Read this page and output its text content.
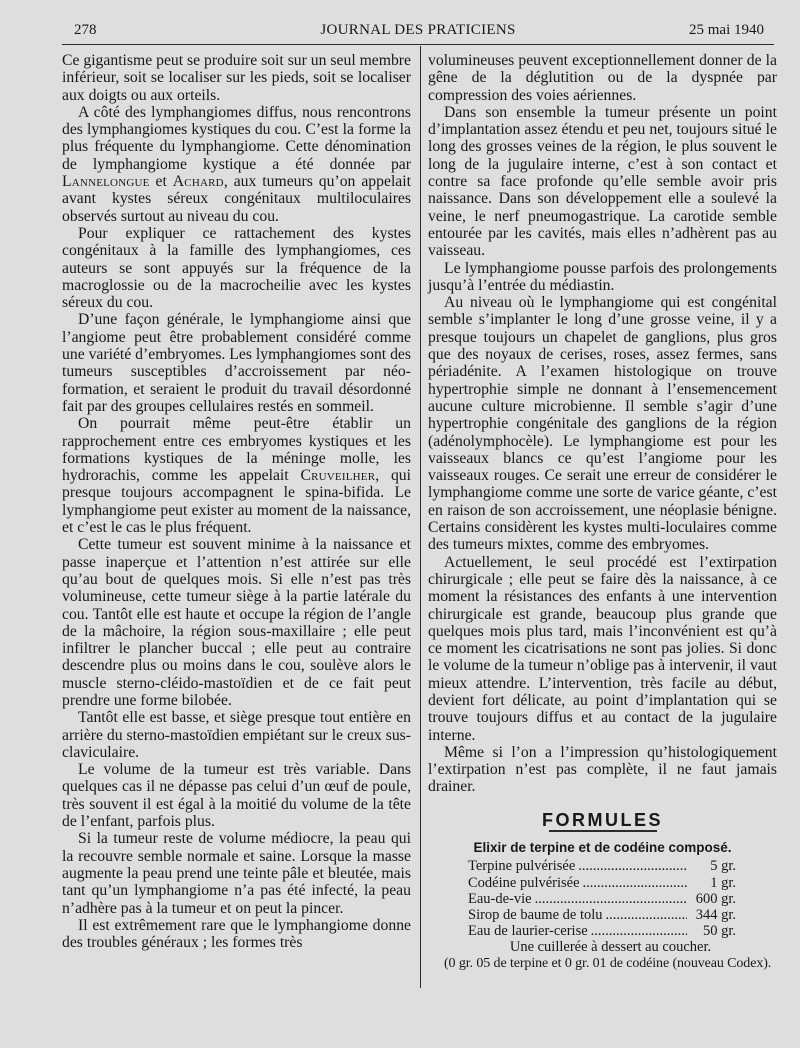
278	JOURNAL DES PRATICIENS	25 mai 1940

Ce gigantisme peut se produire soit sur un seul membre inférieur, soit se localiser sur les pieds, soit se localiser aux doigts ou aux orteils.

A côté des lymphangiomes diffus, nous rencontrons des lymphangiomes kystiques du cou. C’est la forme la plus fréquente du lymphangiome. Cette dénomination de lymphangiome kystique a été donnée par Lannelongue et Achard, aux tumeurs qu’on appelait avant kystes séreux congénitaux multiloculaires observés surtout au niveau du cou.

Pour expliquer ce rattachement des kystes congénitaux à la famille des lymphangiomes, ces auteurs se sont appuyés sur la fréquence de la macroglossie ou de la macrocheilie avec les kystes séreux du cou.

D’une façon générale, le lymphangiome ainsi que l’angiome peut être probablement considéré comme une variété d’embryomes. Les lymphangiomes sont des tumeurs susceptibles d’accroissement par néo-formation, et seraient le produit du travail désordonné fait par des groupes cellulaires restés en sommeil.

On pourrait même peut-être établir un rapprochement entre ces embryomes kystiques et les formations kystiques de la méninge molle, les hydrorachis, comme les appelait Cruveilher, qui presque toujours accompagnent le spina-bifida. Le lymphangiome peut exister au moment de la naissance, et c’est le cas le plus fréquent.

Cette tumeur est souvent minime à la naissance et passe inaperçue et l’attention n’est attirée sur elle qu’au bout de quelques mois. Si elle n’est pas très volumineuse, cette tumeur siège à la partie latérale du cou. Tantôt elle est haute et occupe la région de l’angle de la mâchoire, la région sous-maxillaire ; elle peut infiltrer le plancher buccal ; elle peut au contraire descendre plus ou moins dans le cou, soulève alors le muscle sterno-cléido-mastoïdien et de ce fait peut prendre une forme bilobée.

Tantôt elle est basse, et siège presque tout entière en arrière du sterno-mastoïdien empiétant sur le creux sus-claviculaire.

Le volume de la tumeur est très variable. Dans quelques cas il ne dépasse pas celui d’un œuf de poule, très souvent il est égal à la moitié du volume de la tête de l’enfant, parfois plus.

Si la tumeur reste de volume médiocre, la peau qui la recouvre semble normale et saine. Lorsque la masse augmente la peau prend une teinte pâle et bleutée, mais tant qu’un lymphangiome n’a pas été infecté, la peau n’adhère pas à la tumeur et on peut la pincer.

Il est extrêmement rare que le lymphangiome donne des troubles généraux ; les formes très

volumineuses peuvent exceptionnellement donner de la gêne de la déglutition ou de la dyspnée par compression des voies aériennes.

Dans son ensemble la tumeur présente un point d’implantation assez étendu et peu net, toujours situé le long des grosses veines de la région, le plus souvent le long de la jugulaire interne, c’est à son contact et contre sa face profonde qu’elle semble avoir pris naissance. Dans son développement elle a soulevé la veine, le nerf pneumogastrique. La carotide semble entourée par les cavités, mais elles n’adhèrent pas au vaisseau.

Le lymphangiome pousse parfois des prolongements jusqu’à l’entrée du médiastin.

Au niveau où le lymphangiome qui est congénital semble s’implanter le long d’une grosse veine, il y a presque toujours un chapelet de ganglions, plus gros que des noyaux de cerises, roses, assez fermes, sans périadénite. A l’examen histologique on trouve hypertrophie simple ne donnant à l’ensemencement aucune culture microbienne. Il semble s’agir d’une hypertrophie congénitale des ganglions de la région (adénolymphocèle). Le lymphangiome est pour les vaisseaux blancs ce qu’est l’angiome pour les vaisseaux rouges. Ce serait une erreur de considérer le lymphangiome comme une sorte de varice géante, c’est en raison de son accroissement, une néoplasie bénigne. Certains considèrent les kystes multi-loculaires comme des tumeurs mixtes, comme des embryomes.

Actuellement, le seul procédé est l’extirpation chirurgicale ; elle peut se faire dès la naissance, à ce moment la résistances des enfants à une intervention chirurgicale est grande, beaucoup plus grande que quelques mois plus tard, mais l’inconvénient est qu’à ce moment les cicatrisations ne sont pas jolies. Si donc le volume de la tumeur n’oblige pas à intervenir, il vaut mieux attendre. L’intervention, très facile au début, devient fort délicate, au point d’implantation qui se trouve toujours diffus et au contact de la jugulaire interne.

Même si l’on a l’impression qu’histologiquement l’extirpation n’est pas complète, il ne faut jamais drainer.

FORMULES
Elixir de terpine et de codéine composé.
Terpine pulvérisée .....	5 gr.
Codéine pulvérisée .....	1 gr.
Eau-de-vie .....	600 gr.
Sirop de baume de tolu .....	344 gr.
Eau de laurier-cerise .....	50 gr.

Une cuillerée à dessert au coucher.

(0 gr. 05 de terpine et 0 gr. 01 de codéine (nouveau Codex).
